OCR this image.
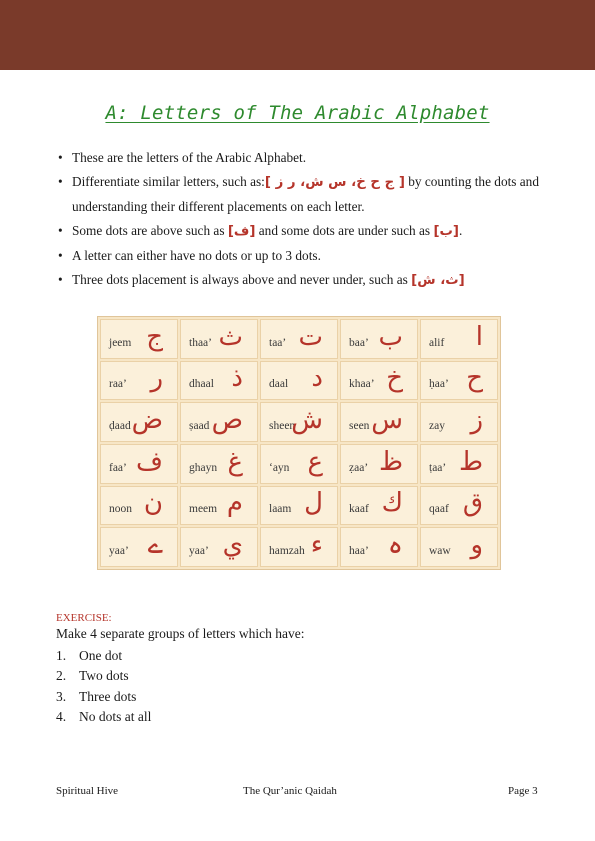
A: Letters of The Arabic Alphabet
• These are the letters of the Arabic Alphabet.
• Differentiate similar letters, such as:[ ج ح خ، س ش، ر ز ] by counting the dots and understanding their different placements on each letter.
• Some dots are above such as [ف] and some dots are under such as [ب].
• A letter can either have no dots or up to 3 dots.
• Three dots placement is always above and never under, such as [ث، ش]
jeem ج thaa’ ث taa’ ت baa’ ب alif ا
raa’ ر dhaal ذ daal د khaa’ خ ḥaa’ ح
ḍaad ض ṣaad ص sheen
ش seen س zay ز
faa’ ف ghayn غ ‘ayn ع ẓaa’ ظ ṭaa’ ط
noon ن meem م laam ل kaaf ك qaaf ق
yaa’ ے yaa’ ي hamzah ء haa’ ہ waw و
EXERCISE:
Make 4 separate groups of letters which have:
1. One dot
2. Two dots
3. Three dots
4. No dots at all
Spiritual Hive	The Qur’anic Qaidah	Page 3
